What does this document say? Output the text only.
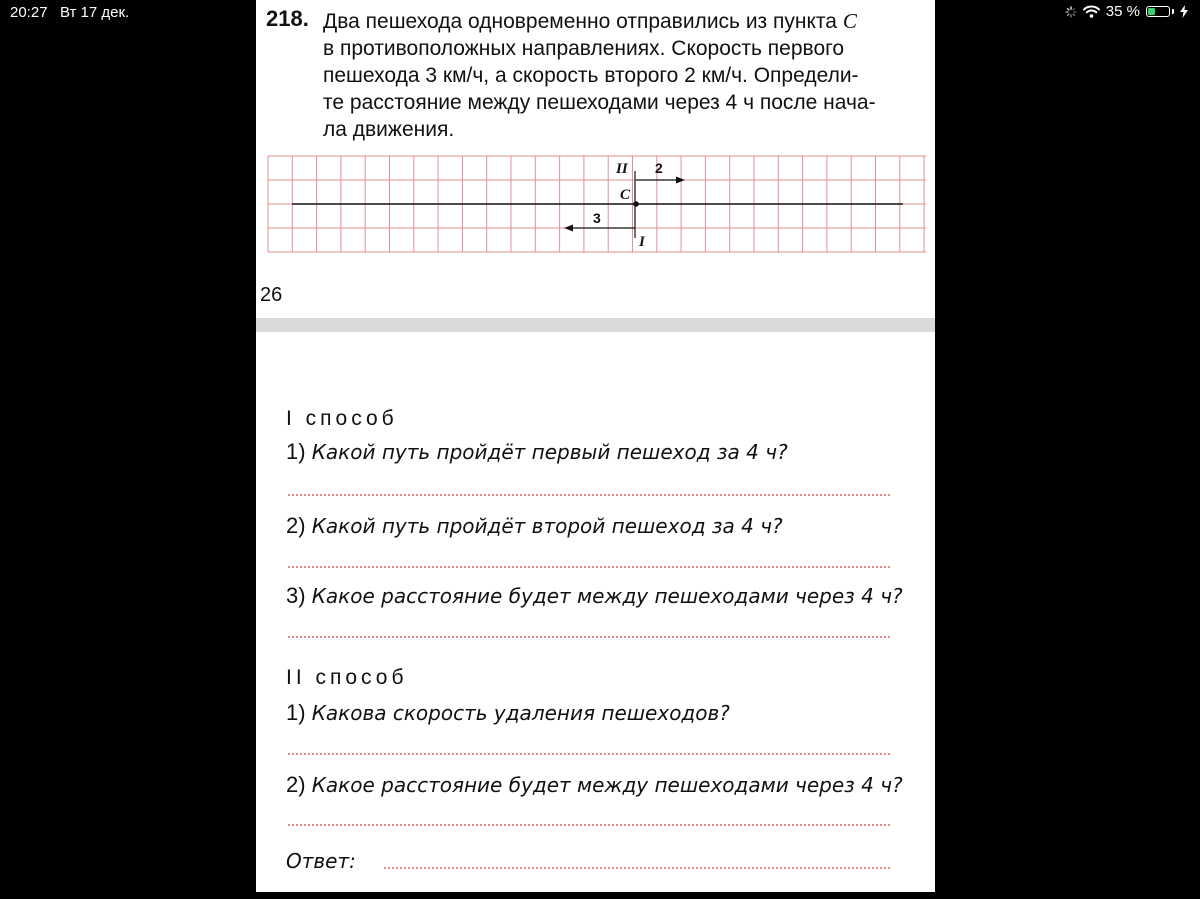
20:27 Вт 17 дек.	35 %
218. Два пешехода одновременно отправились из пункта C
в противоположных направлениях. Скорость первого
пешехода 3 км/ч, а скорость второго 2 км/ч. Определи-
те расстояние между пешеходами через 4 ч после нача-
ла движения.
II 2
C
3
I
26
I способ
1) Какой путь пройдёт первый пешеход за 4 ч?
2) Какой путь пройдёт второй пешеход за 4 ч?
3) Какое расстояние будет между пешеходами через 4 ч?
II способ
1) Какова скорость удаления пешеходов?
2) Какое расстояние будет между пешеходами через 4 ч?
Ответ:
